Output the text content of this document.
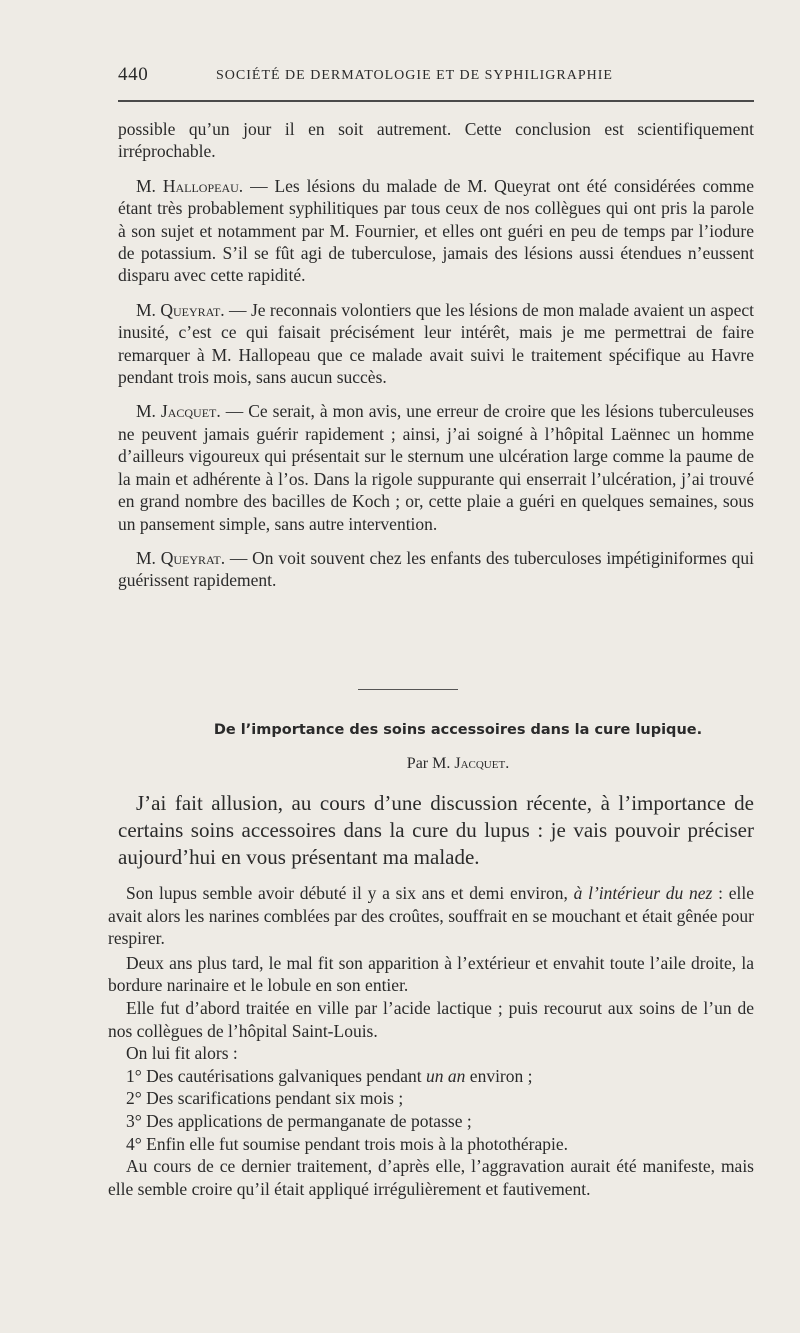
440	SOCIÉTÉ DE DERMATOLOGIE ET DE SYPHILIGRAPHIE

possible qu’un jour il en soit autrement. Cette conclusion est scientifiquement irréprochable.

M. Hallopeau. — Les lésions du malade de M. Queyrat ont été considérées comme étant très probablement syphilitiques par tous ceux de nos collègues qui ont pris la parole à son sujet et notamment par M. Fournier, et elles ont guéri en peu de temps par l’iodure de potassium. S’il se fût agi de tuberculose, jamais des lésions aussi étendues n’eussent disparu avec cette rapidité.

M. Queyrat. — Je reconnais volontiers que les lésions de mon malade avaient un aspect inusité, c’est ce qui faisait précisément leur intérêt, mais je me permettrai de faire remarquer à M. Hallopeau que ce malade avait suivi le traitement spécifique au Havre pendant trois mois, sans aucun succès.

M. Jacquet. — Ce serait, à mon avis, une erreur de croire que les lésions tuberculeuses ne peuvent jamais guérir rapidement ; ainsi, j’ai soigné à l’hôpital Laënnec un homme d’ailleurs vigoureux qui présentait sur le sternum une ulcération large comme la paume de la main et adhérente à l’os. Dans la rigole suppurante qui enserrait l’ulcération, j’ai trouvé en grand nombre des bacilles de Koch ; or, cette plaie a guéri en quelques semaines, sous un pansement simple, sans autre intervention.

M. Queyrat. — On voit souvent chez les enfants des tuberculoses impétiginiformes qui guérissent rapidement.

De l’importance des soins accessoires dans la cure lupique.
Par M. Jacquet.

J’ai fait allusion, au cours d’une discussion récente, à l’importance de certains soins accessoires dans la cure du lupus : je vais pouvoir préciser aujourd’hui en vous présentant ma malade.

Son lupus semble avoir débuté il y a six ans et demi environ, à l’intérieur du nez : elle avait alors les narines comblées par des croûtes, souffrait en se mouchant et était gênée pour respirer.

Deux ans plus tard, le mal fit son apparition à l’extérieur et envahit toute l’aile droite, la bordure narinaire et le lobule en son entier.

Elle fut d’abord traitée en ville par l’acide lactique ; puis recourut aux soins de l’un de nos collègues de l’hôpital Saint-Louis.

On lui fit alors :

1° Des cautérisations galvaniques pendant un an environ ;

2° Des scarifications pendant six mois ;

3° Des applications de permanganate de potasse ;

4° Enfin elle fut soumise pendant trois mois à la photothérapie.

Au cours de ce dernier traitement, d’après elle, l’aggravation aurait été manifeste, mais elle semble croire qu’il était appliqué irrégulièrement et fautivement.
